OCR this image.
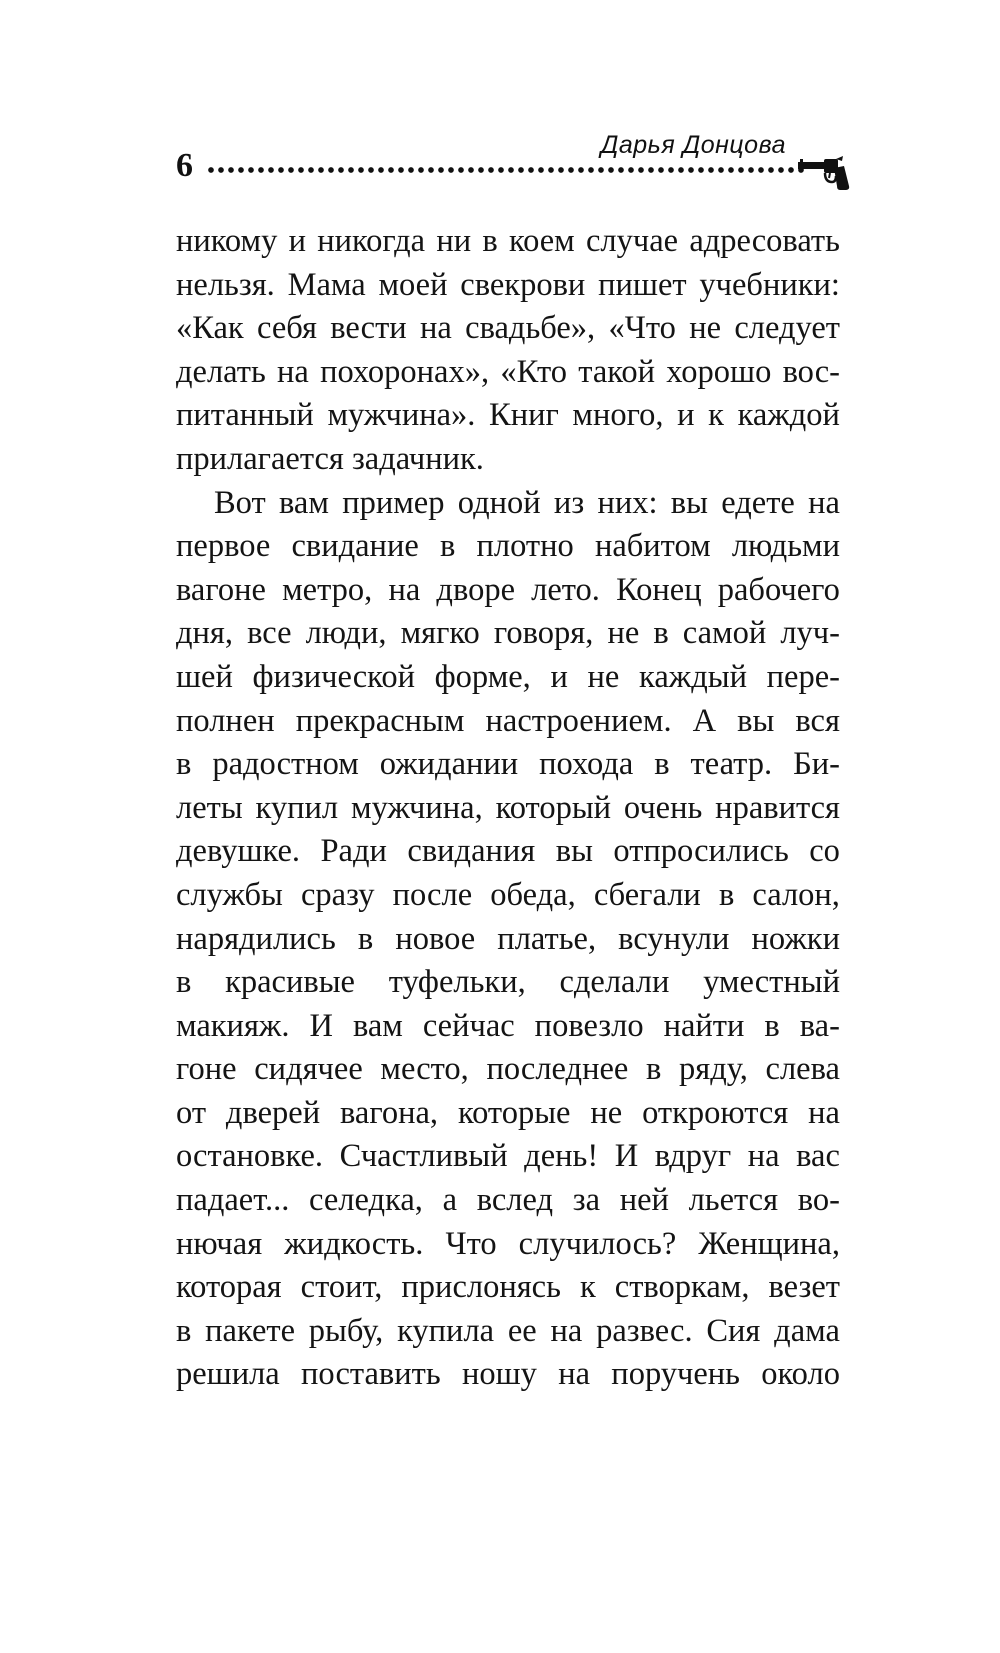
6
Дарья Донцова

никому и никогда ни в коем случае адресовать
нельзя. Мама моей свекрови пишет учебники:
«Как себя вести на свадьбе», «Что не следует
делать на похоронах», «Кто такой хорошо вос-
питанный мужчина». Книг много, и к каждой
прилагается задачник.

Вот вам пример одной из них: вы едете на
первое свидание в плотно набитом людьми
вагоне метро, на дворе лето. Конец рабочего
дня, все люди, мягко говоря, не в самой луч-
шей физической форме, и не каждый пере-
полнен прекрасным настроением. А вы вся
в радостном ожидании похода в театр. Би-
леты купил мужчина, который очень нравится
девушке. Ради свидания вы отпросились со
службы сразу после обеда, сбегали в салон,
нарядились в новое платье, всунули ножки
в красивые туфельки, сделали уместный
макияж. И вам сейчас повезло найти в ва-
гоне сидячее место, последнее в ряду, слева
от дверей вагона, которые не откроются на
остановке. Счастливый день! И вдруг на вас
падает... селедка, а вслед за ней льется во-
нючая жидкость. Что случилось? Женщина,
которая стоит, прислонясь к створкам, везет
в пакете рыбу, купила ее на развес. Сия дама
решила поставить ношу на поручень около
